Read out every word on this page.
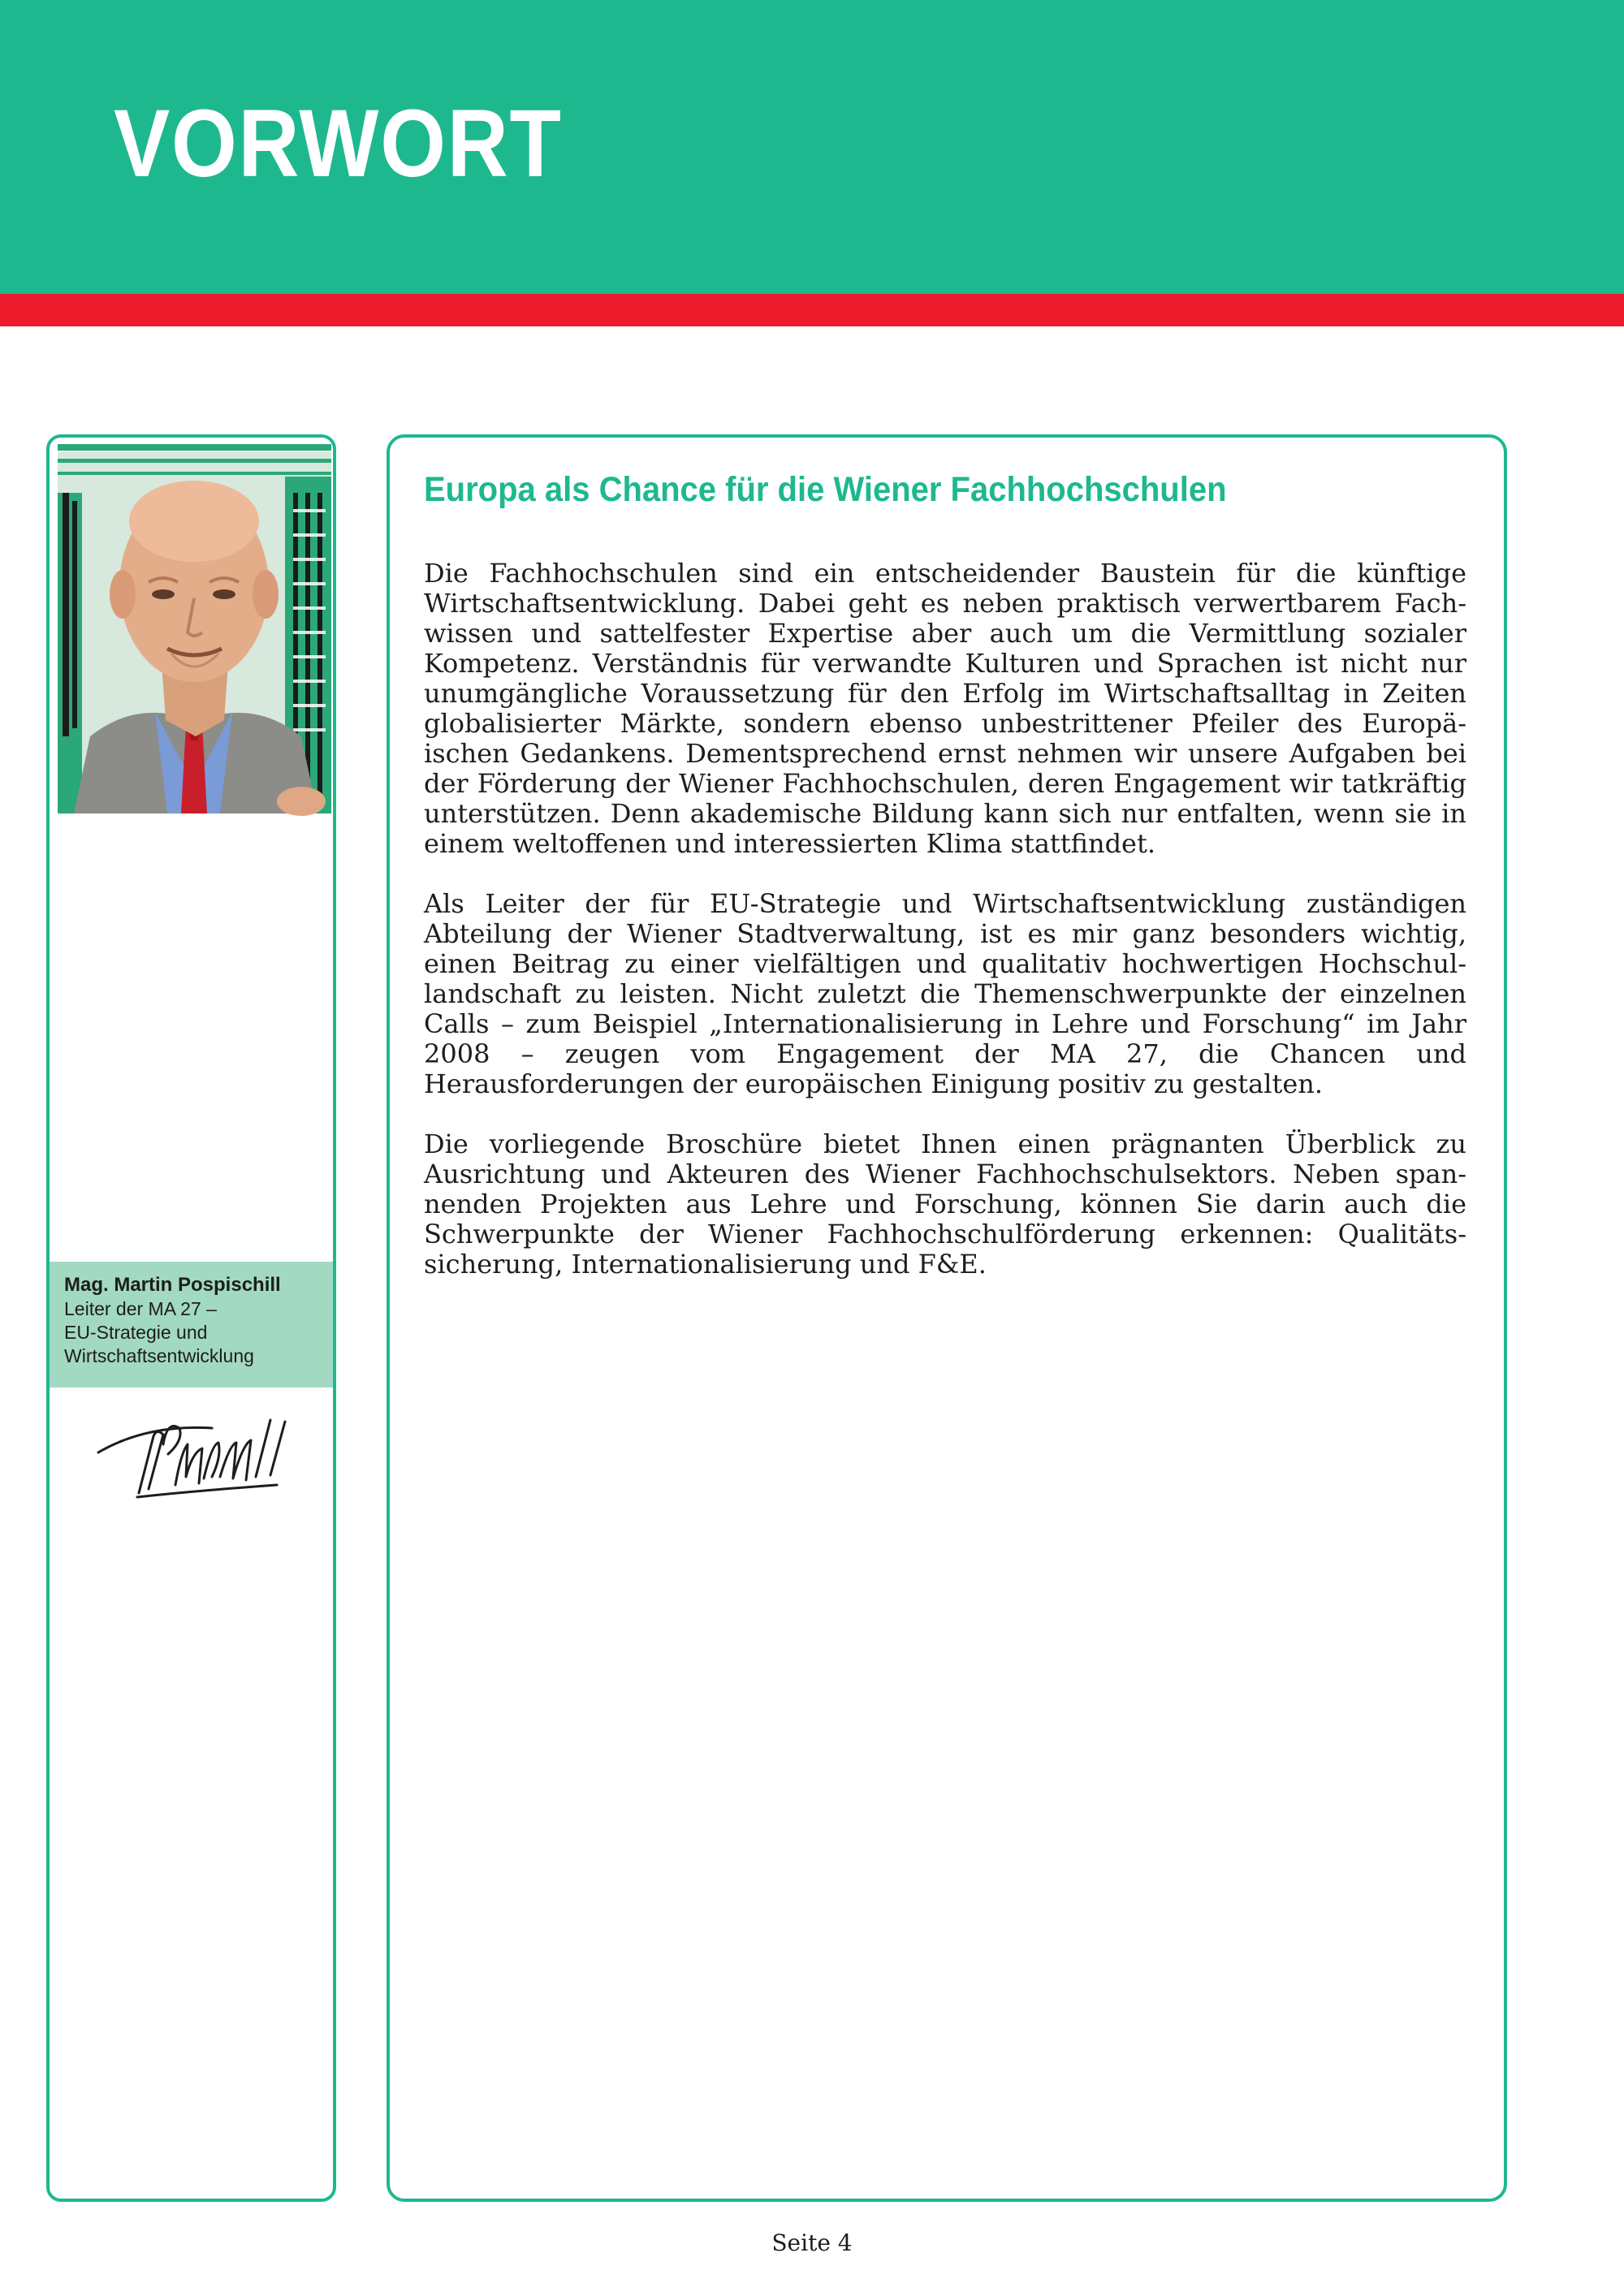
VORWORT
Mag. Martin Pospischill
Leiter der MA 27 –
EU-Strategie und
Wirtschaftsentwicklung
Europa als Chance für die Wiener Fachhochschulen

Die Fachhochschulen sind ein entscheidender Baustein für die künftige Wirtschaftsentwicklung. Dabei geht es neben praktisch verwertbarem Fachwissen und sattelfester Expertise aber auch um die Vermittlung sozialer Kompetenz. Verständnis für verwandte Kulturen und Sprachen ist nicht nur unumgängliche Voraussetzung für den Erfolg im Wirtschaftsalltag in Zeiten globalisierter Märkte, sondern ebenso unbestrittener Pfeiler des Europäischen Gedankens. Dementsprechend ernst nehmen wir unsere Aufgaben bei der Förderung der Wiener Fachhochschulen, deren Engagement wir tatkräftig unterstützen. Denn akademische Bildung kann sich nur entfalten, wenn sie in einem weltoffenen und interessierten Klima stattfindet.

Als Leiter der für EU-Strategie und Wirtschaftsentwicklung zuständigen Abteilung der Wiener Stadtverwaltung, ist es mir ganz besonders wichtig, einen Beitrag zu einer vielfältigen und qualitativ hochwertigen Hochschullandschaft zu leisten. Nicht zuletzt die Themenschwerpunkte der einzelnen Calls – zum Beispiel „Internationalisierung in Lehre und Forschung“ im Jahr 2008 – zeugen vom Engagement der MA 27, die Chancen und Herausforderungen der europäischen Einigung positiv zu gestalten.

Die vorliegende Broschüre bietet Ihnen einen prägnanten Überblick zu Ausrichtung und Akteuren des Wiener Fachhochschulsektors. Neben spannenden Projekten aus Lehre und Forschung, können Sie darin auch die Schwerpunkte der Wiener Fachhochschulförderung erkennen: Qualitätssicherung, Internationalisierung und F&E.

Seite 4
